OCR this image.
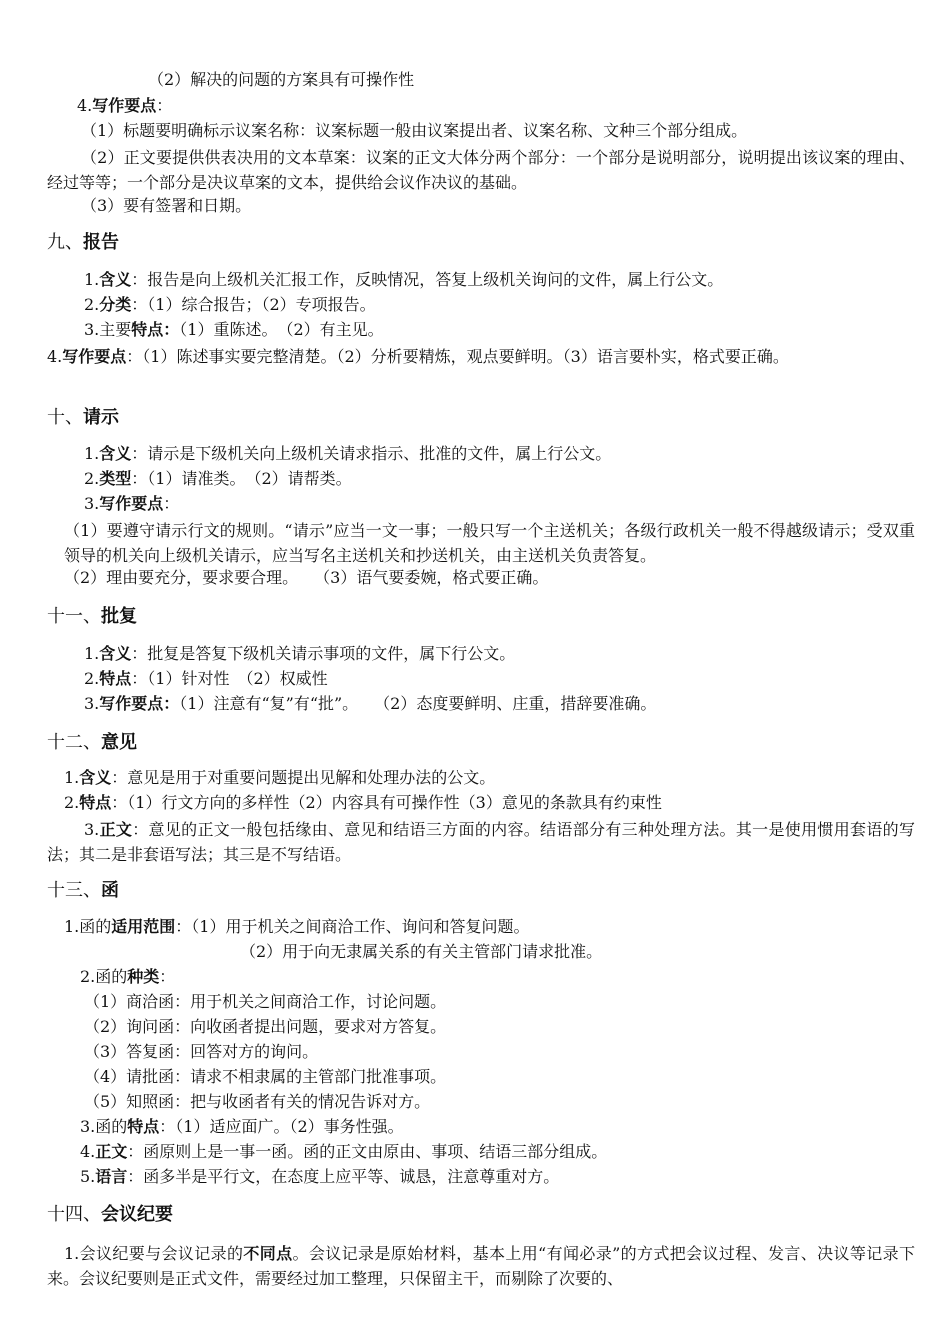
（2）解决的问题的方案具有可操作性
4.写作要点：
（1）标题要明确标示议案名称：议案标题一般由议案提出者、议案名称、文种三个部分组成。
（2）正文要提供供表决用的文本草案：议案的正文大体分两个部分：一个部分是说明部分，说明提出该议案的理由、经过等等；一个部分是决议草案的文本，提供给会议作决议的基础。
（3）要有签署和日期。
九、报告
1.含义：报告是向上级机关汇报工作，反映情况，答复上级机关询问的文件，属上行公文。
2.分类：（1）综合报告；（2）专项报告。
3.主要特点：（1）重陈述。　（2）有主见。
4.写作要点：（1）陈述事实要完整清楚。（2）分析要精炼，观点要鲜明。（3）语言要朴实，格式要正确。
十、请示
1.含义：请示是下级机关向上级机关请求指示、批准的文件，属上行公文。
2.类型：（1）请准类。　（2）请帮类。
3.写作要点：
（1）要遵守请示行文的规则。“请示”应当一文一事；一般只写一个主送机关；各级行政机关一般不得越级请示；受双重领导的机关向上级机关请示，应当写名主送机关和抄送机关，由主送机关负责答复。
（2）理由要充分，要求要合理。　　（3）语气要委婉，格式要正确。
十一、批复
1.含义：批复是答复下级机关请示事项的文件，属下行公文。
2.特点：（1）针对性　（2）权威性
3.写作要点：（1）注意有“复”有“批”。　　（2）态度要鲜明、庄重，措辞要准确。
十二、意见
1.含义：意见是用于对重要问题提出见解和处理办法的公文。
2.特点：（1）行文方向的多样性（2）内容具有可操作性（3）意见的条款具有约束性
3.正文：意见的正文一般包括缘由、意见和结语三方面的内容。结语部分有三种处理方法。其一是使用惯用套语的写法；其二是非套语写法；其三是不写结语。
十三、函
1.函的适用范围：（1）用于机关之间商洽工作、询问和答复问题。
（2）用于向无隶属关系的有关主管部门请求批准。
2.函的种类：
（1）商洽函：用于机关之间商洽工作，讨论问题。
（2）询问函：向收函者提出问题，要求对方答复。
（3）答复函：回答对方的询问。
（4）请批函：请求不相隶属的主管部门批准事项。
（5）知照函：把与收函者有关的情况告诉对方。
3.函的特点：（1）适应面广。（2）事务性强。
4.正文：函原则上是一事一函。函的正文由原由、事项、结语三部分组成。
5.语言：函多半是平行文，在态度上应平等、诚恳，注意尊重对方。
十四、会议纪要
1.会议纪要与会议记录的不同点。会议记录是原始材料，基本上用“有闻必录”的方式把会议过程、发言、决议等记录下来。会议纪要则是正式文件，需要经过加工整理，只保留主干，而剔除了次要的、
